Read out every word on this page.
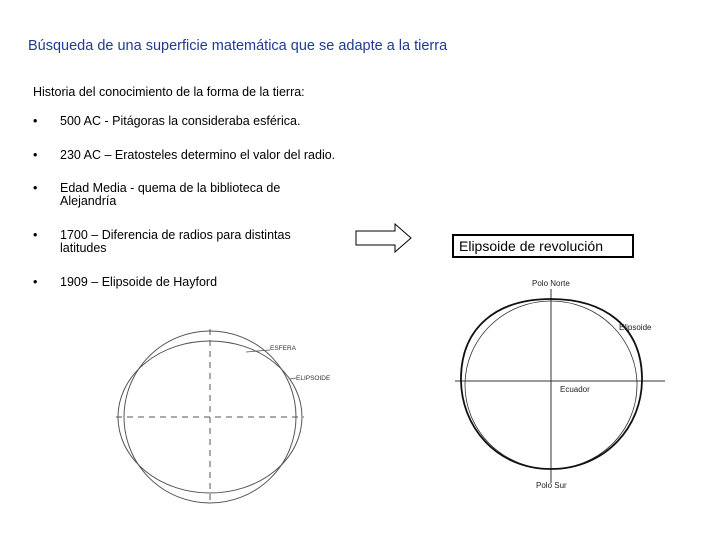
Búsqueda de una superficie matemática que se adapte a la tierra
Historia del conocimiento de la forma de la tierra:
• 500 AC - Pitágoras la consideraba esférica.
• 230 AC – Eratosteles determino el valor del radio.
• Edad Media - quema de la biblioteca de Alejandría
• 1700 – Diferencia de radios para distintas latitudes
• 1909 – Elipsoide de Hayford
Elipsoide de revolución
ESFERA
ELIPSOIDE
Polo Norte
Polo Sur
Elipsoide
Ecuador
